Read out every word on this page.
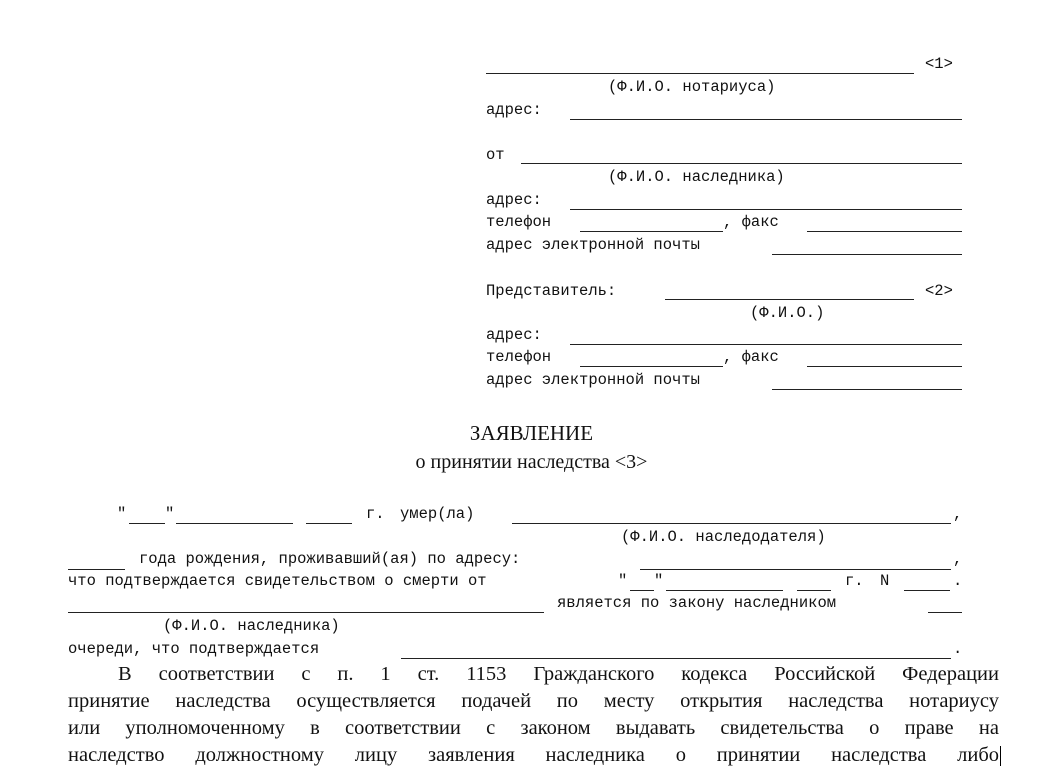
<1>
(Ф.И.О. нотариуса)
адрес:
от
(Ф.И.О. наследника)
адрес:
телефон	, факс
адрес электронной почты
Представитель:	<2>
(Ф.И.О.)
адрес:
телефон	, факс
адрес электронной почты
ЗАЯВЛЕНИЕ
о принятии наследства <3>
" "	г. умер(ла)	,
(Ф.И.О. наследодателя)
года рождения, проживавший(ая) по адресу:	,
что подтверждается свидетельством о смерти от	" "	г. N	.
является по закону наследником
(Ф.И.О. наследника)
очереди, что подтверждается	.
В соответствии с п. 1 ст. 1153 Гражданского кодекса Российской Федерации
принятие наследства осуществляется подачей по месту открытия наследства нотариусу
или уполномоченному в соответствии с законом выдавать свидетельства о праве на
наследство должностному лицу заявления наследника о принятии наследства либо
